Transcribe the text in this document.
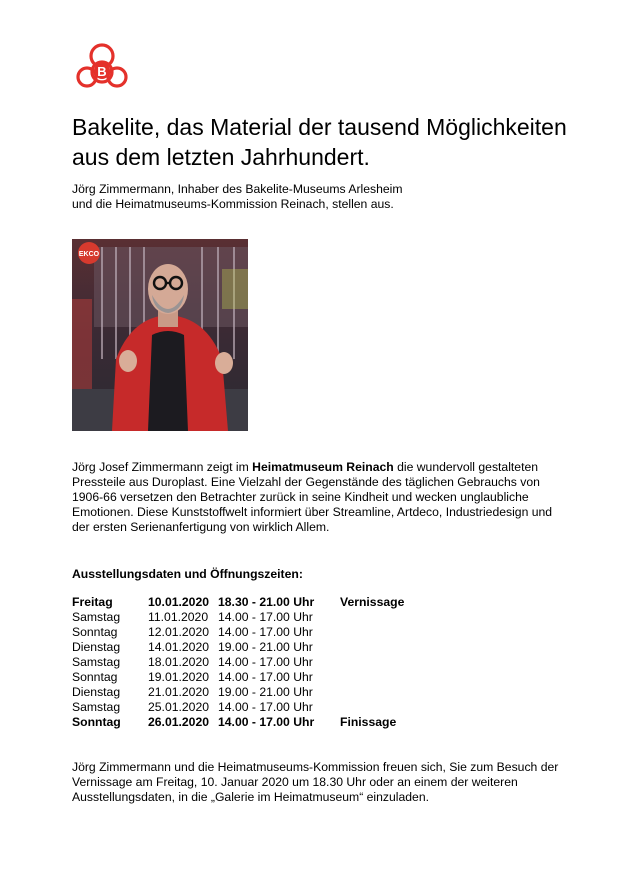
B
Bakelite, das Material der tausend Möglichkeiten aus dem letzten Jahrhundert.

Jörg Zimmermann, Inhaber des Bakelite-Museums Arlesheim
und die Heimatmuseums-Kommission Reinach, stellen aus.

EKCO

Jörg Josef Zimmermann zeigt im Heimatmuseum Reinach die wundervoll gestalteten Pressteile aus Duroplast. Eine Vielzahl der Gegenstände des täglichen Gebrauchs von 1906-66 versetzen den Betrachter zurück in seine Kindheit und wecken unglaubliche Emotionen. Diese Kunststoffwelt informiert über Streamline, Artdeco, Industriedesign und der ersten Serienanfertigung von wirklich Allem.

Ausstellungsdaten und Öffnungszeiten:

Freitag	10.01.2020	18.30 - 21.00 Uhr	Vernissage
Samstag	11.01.2020	14.00 - 17.00 Uhr	
Sonntag	12.01.2020	14.00 - 17.00 Uhr	
Dienstag	14.01.2020	19.00 - 21.00 Uhr	
Samstag	18.01.2020	14.00 - 17.00 Uhr	
Sonntag	19.01.2020	14.00 - 17.00 Uhr	
Dienstag	21.01.2020	19.00 - 21.00 Uhr	
Samstag	25.01.2020	14.00 - 17.00 Uhr	
Sonntag	26.01.2020	14.00 - 17.00 Uhr	Finissage

Jörg Zimmermann und die Heimatmuseums-Kommission freuen sich, Sie zum Besuch der Vernissage am Freitag, 10. Januar 2020 um 18.30 Uhr oder an einem der weiteren Ausstellungsdaten, in die „Galerie im Heimatmuseum“ einzuladen.
